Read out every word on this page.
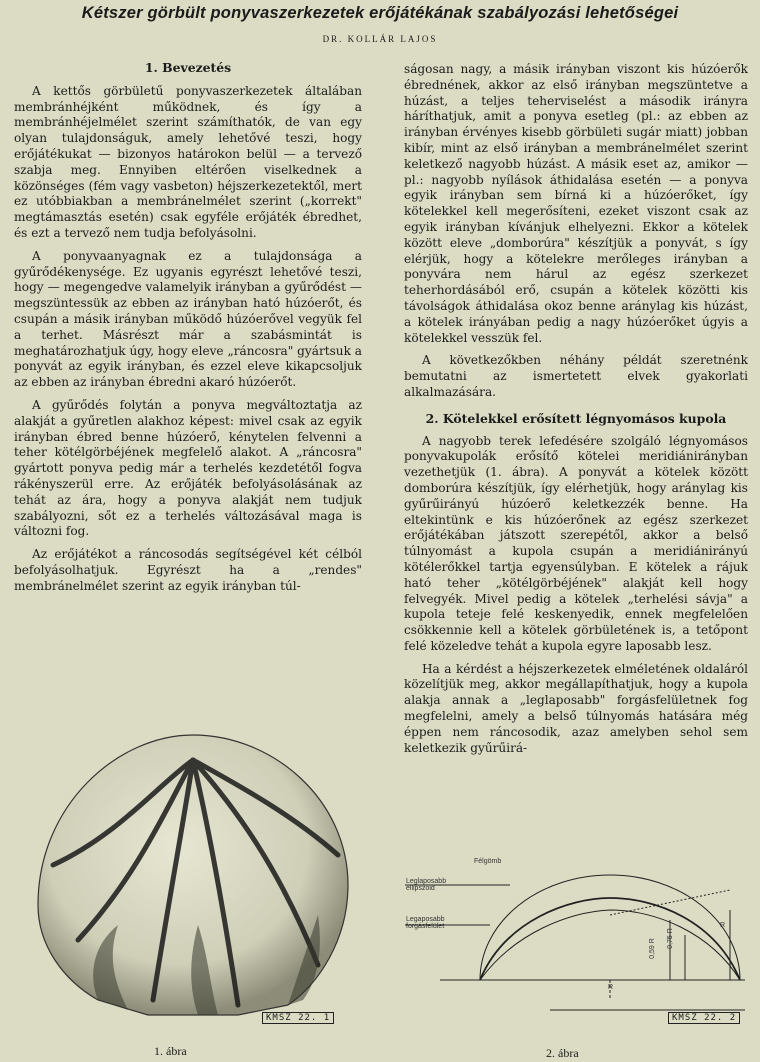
Kétszer görbült ponyvaszerkezetek erőjátékának szabályozási lehetőségei
DR. KOLLÁR LAJOS
1. Bevezetés

A kettős görbületű ponyvaszerkezetek általában membránhéjként működnek, és így a membránhéjelmélet szerint számíthatók, de van egy olyan tulajdonságuk, amely lehetővé teszi, hogy erőjátékukat — bizonyos határokon belül — a tervező szabja meg. Ennyiben eltérően viselkednek a közönséges (fém vagy vasbeton) héjszerkezetektől, mert ez utóbbiakban a membránelmélet szerint („korrekt" megtámasztás esetén) csak egyféle erőjáték ébredhet, és ezt a tervező nem tudja befolyásolni.

A ponyvaanyagnak ez a tulajdonsága a gyűrődékenysége. Ez ugyanis egyrészt lehetővé teszi, hogy — megengedve valamelyik irányban a gyűrődést — megszüntessük az ebben az irányban ható húzóerőt, és csupán a másik irányban működő húzóerővel vegyük fel a terhet. Másrészt már a szabásmintát is meghatározhatjuk úgy, hogy eleve „ráncosra" gyártsuk a ponyvát az egyik irányban, és ezzel eleve kikapcsoljuk az ebben az irányban ébredni akaró húzóerőt.

A gyűrődés folytán a ponyva megváltoztatja az alakját a gyűretlen alakhoz képest: mivel csak az egyik irányban ébred benne húzóerő, kénytelen felvenni a teher kötélgörbéjének megfelelő alakot. A „ráncosra" gyártott ponyva pedig már a terhelés kezdetétől fogva rákényszerül erre. Az erőjáték befolyásolásának az tehát az ára, hogy a ponyva alakját nem tudjuk szabályozni, sőt ez a terhelés változásával maga is változni fog.

Az erőjátékot a ráncosodás segítségével két célból befolyásolhatjuk. Egyrészt ha a „rendes" membránelmélet szerint az egyik irányban túl-

ságosan nagy, a másik irányban viszont kis húzóerők ébrednének, akkor az első irányban megszüntetve a húzást, a teljes teherviselést a második irányra háríthatjuk, amit a ponyva esetleg (pl.: az ebben az irányban érvényes kisebb görbületi sugár miatt) jobban kibír, mint az első irányban a membránelmélet szerint keletkező nagyobb húzást. A másik eset az, amikor — pl.: nagyobb nyílások áthidalása esetén — a ponyva egyik irányban sem bírná ki a húzóerőket, így kötelekkel kell megerősíteni, ezeket viszont csak az egyik irányban kívánjuk elhelyezni. Ekkor a kötelek között eleve „domborúra" készítjük a ponyvát, s így elérjük, hogy a kötelekre merőleges irányban a ponyvára nem hárul az egész szerkezet teherhordásából erő, csupán a kötelek közötti kis távolságok áthidalása okoz benne aránylag kis húzást, a kötelek irányában pedig a nagy húzóerőket úgyis a kötelekkel vesszük fel.

A következőkben néhány példát szeretnénk bemutatni az ismertetett elvek gyakorlati alkalmazására.

2. Kötelekkel erősített légnyomásos kupola

A nagyobb terek lefedésére szolgáló légnyomásos ponyvakupolák erősítő kötelei meridiánirányban vezethetjük (1. ábra). A ponyvát a kötelek között domborúra készítjük, így elérhetjük, hogy aránylag kis gyűrűirányú húzóerő keletkezzék benne. Ha eltekintünk e kis húzóerőnek az egész szerkezet erőjátékában játszott szerepétől, akkor a belső túlnyomást a kupola csupán a meridiánirányú kötélerőkkel tartja egyensúlyban. E kötelek a rájuk ható teher „kötélgörbéjének" alakját kell hogy felvegyék. Mivel pedig a kötelek „terhelési sávja" a kupola teteje felé keskenyedik, ennek megfelelően csökkennie kell a kötelek görbületének is, a tetőpont felé közeledve tehát a kupola egyre laposabb lesz.

Ha a kérdést a héjszerkezetek elméletének oldaláról közelítjük meg, akkor megállapíthatjuk, hogy a kupola alakja annak a „leglaposabb" forgásfelületnek fog megfelelni, amely a belső túlnyomás hatására még éppen nem ráncosodik, azaz amelyben sehol sem keletkezik gyűrűirá-

KMSZ 22. 1
1. ábra
Félgömb
Leglaposabb ellipszoid
Legaposabb forgásfelület
0,75 R
0,59 R
R
R
KMSZ 22. 2
2. ábra
